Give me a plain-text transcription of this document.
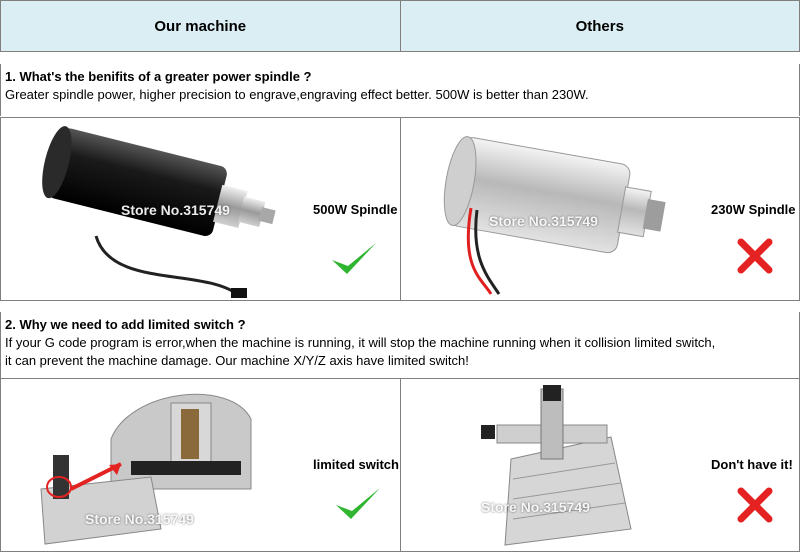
Our machine	Others
1. What's the benifits of a greater power spindle ?
Greater spindle power, higher precision to engrave,engraving effect better. 500W is better than 230W.
Store No.315749	500W Spindle
Store No.315749
230W Spindle
2. Why we need to add limited switch ?
If your G code program is error,when the machine is running, it will stop the machine running when it collision limited switch,
it can prevent the machine damage. Our machine X/Y/Z axis have limited switch!
Store No.315749
limited switch
Store No.315749
Don't have it!
